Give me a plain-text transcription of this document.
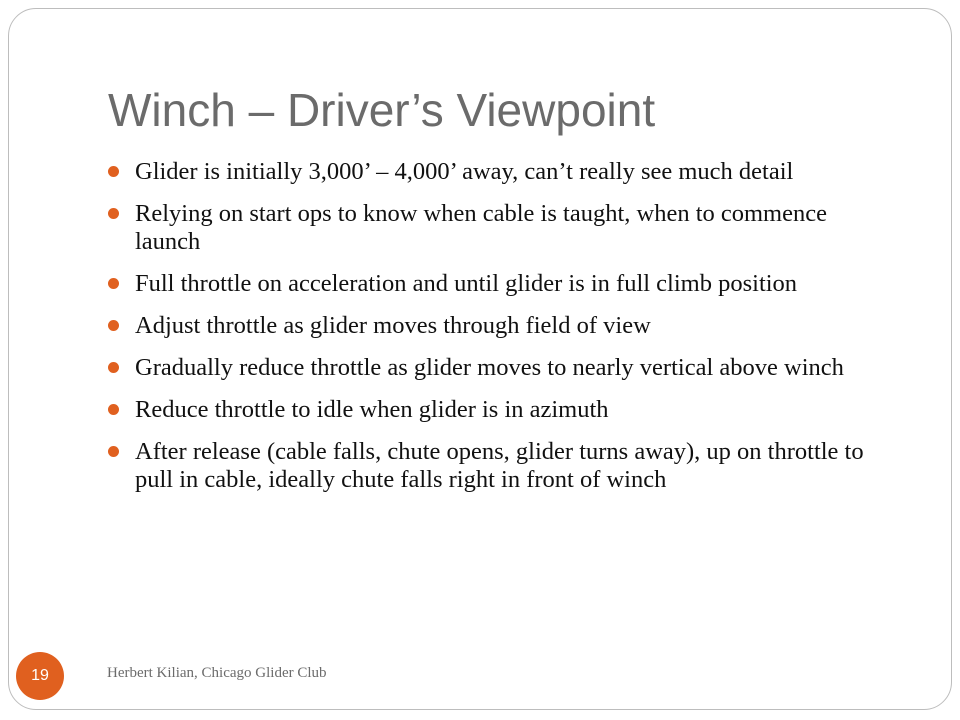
Winch – Driver’s Viewpoint
Glider is initially 3,000’ – 4,000’ away, can’t really see much detail
Relying on start ops to know when cable is taught, when to commence launch
Full throttle on acceleration and until glider is in full climb position
Adjust throttle as glider moves through field of view
Gradually reduce throttle as glider moves to nearly vertical above winch
Reduce throttle to idle when glider is in azimuth
After release (cable falls, chute opens, glider turns away), up on throttle to pull in cable, ideally chute falls right in front of winch
19	Herbert Kilian, Chicago Glider Club
